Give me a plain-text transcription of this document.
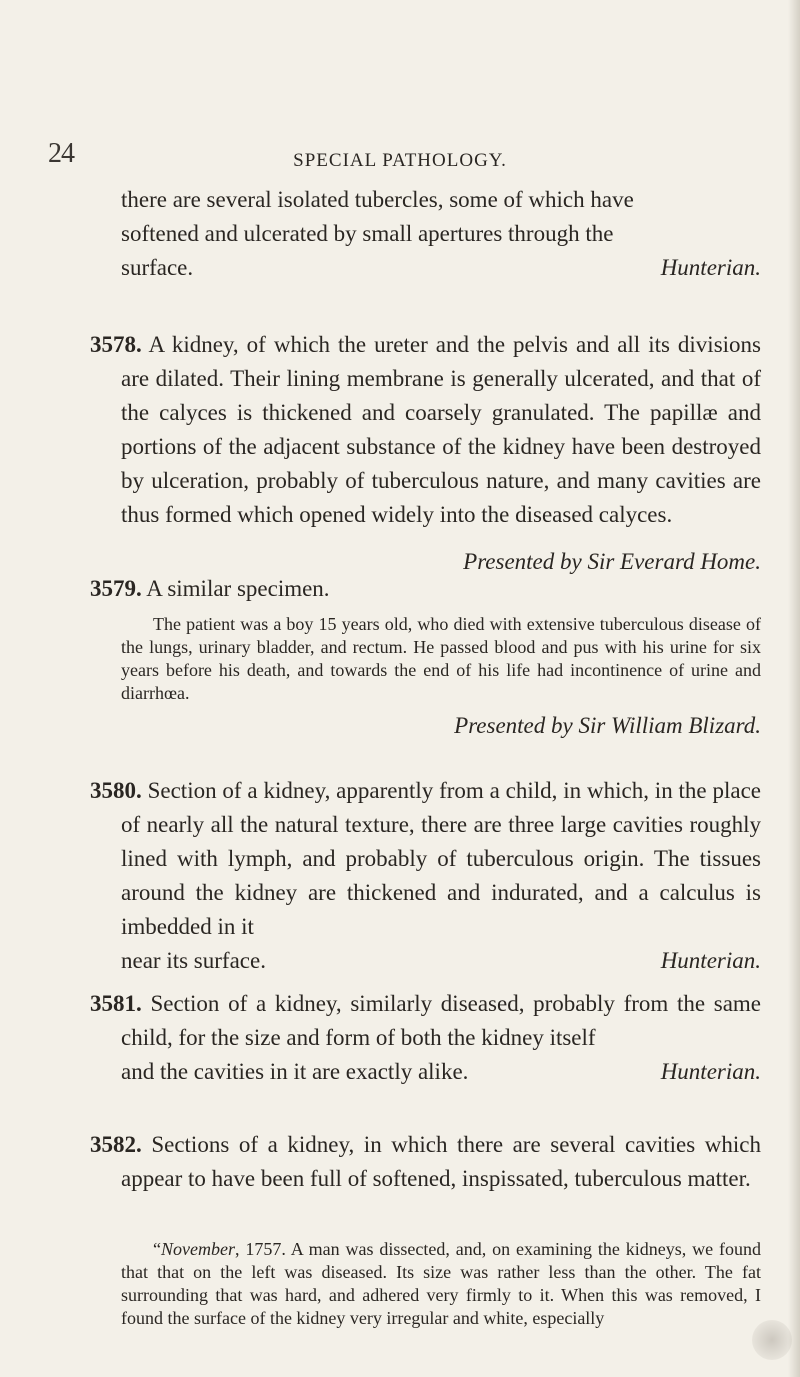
24	SPECIAL PATHOLOGY.
there are several isolated tubercles, some of which have
softened and ulcerated by small apertures through the
surface.	Hunterian.
3578. A kidney, of which the ureter and the pelvis and all its divisions are dilated. Their lining membrane is generally ulcerated, and that of the calyces is thickened and coarsely granulated. The papillæ and portions of the adjacent substance of the kidney have been destroyed by ulceration, probably of tuberculous nature, and many cavities are thus formed which opened widely into the diseased calyces.
Presented by Sir Everard Home.
3579. A similar specimen.
The patient was a boy 15 years old, who died with extensive tuberculous disease of the lungs, urinary bladder, and rectum. He passed blood and pus with his urine for six years before his death, and towards the end of his life had incontinence of urine and diarrhœa.
Presented by Sir William Blizard.
3580. Section of a kidney, apparently from a child, in which, in the place of nearly all the natural texture, there are three large cavities roughly lined with lymph, and probably of tuberculous origin. The tissues around the kidney are thickened and indurated, and a calculus is imbedded in it
near its surface.	Hunterian.
3581. Section of a kidney, similarly diseased, probably from the same child, for the size and form of both the kidney itself
and the cavities in it are exactly alike.	Hunterian.
3582. Sections of a kidney, in which there are several cavities which appear to have been full of softened, inspissated, tuberculous matter.
“November, 1757. A man was dissected, and, on examining the kidneys, we found that that on the left was diseased. Its size was rather less than the other. The fat surrounding that was hard, and adhered very firmly to it. When this was removed, I found the surface of the kidney very irregular and white, especially
